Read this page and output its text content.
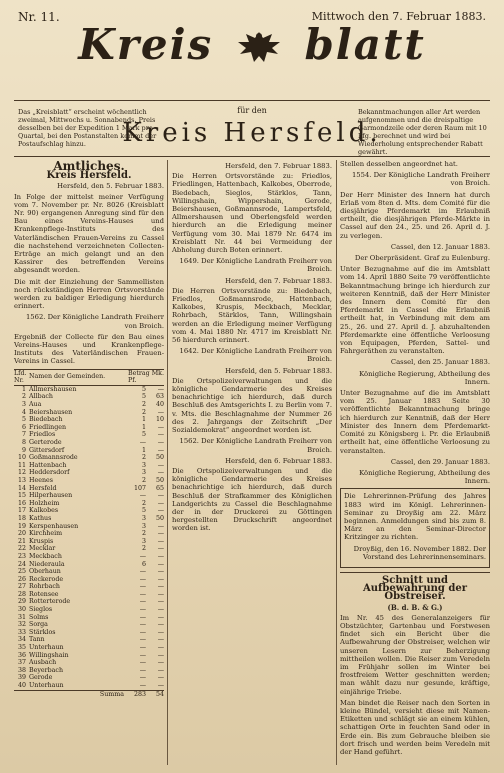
Nr. 11.	Mittwoch den 7. Februar 1883.
Kreis blatt
Das „Kreisblatt“ erscheint wöchentlich zweimal, Mittwochs u. Sonnabends. Preis desselben bei der Expedition 1 Mark pro Quartal, bei den Postanstalten kommt der Postaufschlag hinzu.
für den
Kreis Hersfeld.
Bekanntmachungen aller Art werden aufgenommen und die dreispaltige Garmondzeile oder deren Raum mit 10 Pfg. berechnet und wird bei Wiederholung entsprechender Rabatt gewährt.
Amtliches.
Kreis Hersfeld.
Hersfeld, den 5. Februar 1883.

In Folge der mittelst meiner Verfügung vom 7. November pr. Nr. 8026 (Kreisblatt Nr. 90) ergangenen Anregung sind für den Bau eines Vereins-Hauses und Krankenpflege-Instituts des Vaterländischen Frauen-Vereins zu Cassel die nachstehend verzeichneten Collecten-Erträge an mich gelangt und an den Kassirer des betreffenden Vereins abgesandt worden.

Die mit der Einziehung der Sammellisten noch rückständigen Herren Ortsvorstände werden zu baldiger Erledigung hierdurch erinnert.

1562. Der Königliche Landrath Freiherr von Broich.

Ergebniß der Collecte für den Bau eines Vereins-Hauses und Krankenpflege-Instituts des Vaterländischen Frauen-Vereins in Cassel.

Lfd. Nr.	Namen der Gemeinden.	Betrag Mk. Pf.	
1	Allmershausen	5	—
2	Allbach	5	63
3	Aua	2	40
4	Beiershausen	2	—
5	Biedebach	1	10
6	Friedlingen	1	—
7	Friedlos	5	—
8	Gerterode	—	—
9	Gittersdorf	1	—
10	Goßmannsrode	2	50
11	Hattenbach	3	—
12	Heddersdorf	3	—
13	Heenes	2	50
14	Hersfeld	107	65
15	Hilperhausen	—	—
16	Holzheim	2	—
17	Kalkobes	5	—
18	Kathus	3	50
19	Kerspenhausen	3	—
20	Kirchheim	2	—
21	Kruspis	3	—
22	Mecklar	2	—
23	Meckbach	—	—
24	Niederaula	6	—
25	Oberhaun	—	—
26	Reckerode	—	—
27	Rohrbach	—	—
28	Rotensee	—	—
29	Rotterterode	—	—
30	Sieglos	—	—
31	Solms	—	—
32	Sorga	—	—
33	Stärklos	—	—
34	Tann	—	—
35	Unterhaun	—	—
36	Willingshain	—	—
37	Ausbach	—	—
38	Beyerbach	—	—
39	Gerode	—	—
40	Unterhaun	—	—
	Summa	283	54
Hersfeld, den 7. Februar 1883.

Die Herren Ortsvorstände zu: Friedlos, Friedlingen, Hattenbach, Kalkobes, Oberrode, Biedebach, Sieglos, Stärklos, Tann, Willingshain, Wippershain, Gerode, Beiershausen, Goßmannsrode, Lampertsfeld, Allmershausen und Oberlengsfeld werden hierdurch an die Erledigung meiner Verfügung vom 30. Mai 1879 Nr. 6474 im Kreisblatt Nr. 44 bei Vermeidung der Abholung durch Boten erinnert.

1649. Der Königliche Landrath Freiherr von Broich.

Hersfeld, den 7. Februar 1883.

Die Herren Ortsvorstände zu: Biedebach, Friedlos, Goßmannsrode, Hattenbach, Kalkobes, Kruspis, Meckbach, Mecklar, Rohrbach, Stärklos, Tann, Willingshain werden an die Erledigung meiner Verfügung vom 4. Mai 1880 Nr. 4717 im Kreisblatt Nr. 56 hierdurch erinnert.

1642. Der Königliche Landrath Freiherr von Broich.

Hersfeld, den 5. Februar 1883.

Die Ortspolizeiverwaltungen und die königliche Gendarmerie des Kreises benachrichtige ich hierdurch, daß durch Beschluß des Amtsgerichts I. zu Berlin vom 7. v. Mts. die Beschlagnahme der Nummer 26 des 2. Jahrgangs der Zeitschrift „Der Sozialdemokrat“ angeordnet worden ist.

1562. Der Königliche Landrath Freiherr von Broich.

Hersfeld, den 6. Februar 1883.

Die Ortspolizeiverwaltungen und die königliche Gendarmerie des Kreises benachrichtige ich hierdurch, daß durch Beschluß der Strafkammer des Königlichen Landgerichts zu Cassel die Beschlagnahme der in der Druckerei zu Göttingen hergestellten Druckschrift angeordnet worden ist.

Stellen desselben angeordnet hat.

1554. Der Königliche Landrath Freiherr von Broich.

Der Herr Minister des Innern hat durch Erlaß vom 8ten d. Mts. dem Comité für die diesjährige Pferdemarkt im Erlaubniß ertheilt, die diesjährigen Pferde-Märkte in Cassel auf den 24., 25. und 26. April d. J. zu verlegen.

Cassel, den 12. Januar 1883.

Der Oberpräsident. Graf zu Eulenburg.

Unter Bezugnahme auf die im Amtsblatt vom 14. April 1880 Seite 79 veröffentlichte Bekanntmachung bringe ich hierdurch zur weiteren Kenntniß, daß der Herr Minister des Innern dem Comité für den Pferdemarkt in Cassel die Erlaubniß ertheilt hat, in Verbindung mit dem am 25., 26. und 27. April d. J. abzuhaltenden Pferdemarkte eine öffentliche Verloosung von Equipagen, Pferden, Sattel- und Fahrgeräthen zu veranstalten.

Cassel, den 25. Januar 1883.

Königliche Regierung, Abtheilung des Innern.

Unter Bezugnahme auf die im Amtsblatt vom 25. Januar 1883 Seite 30 veröffentlichte Bekanntmachung bringe ich hierdurch zur Kenntniß, daß der Herr Minister des Innern dem Pferdemarkt-Comité zu Königsberg i. Pr. die Erlaubniß ertheilt hat, eine öffentliche Verloosung zu veranstalten.

Cassel, den 29. Januar 1883.

Königliche Regierung, Abtheilung des Innern.

Die Lehrerinnen-Prüfung des Jahres 1883 wird im Königl. Lehrerinnen-Seminar zu Droyßig am 22. März beginnen. Anmeldungen sind bis zum 8. März an den Seminar-Director Kritzinger zu richten.

Droyßig, den 16. November 1882. Der Vorstand des Lehrerinnenseminars.

Schnitt und Aufbewahrung der Obstreiser.
(B. d. B. & G.)

Im Nr. 45 des Generalanzeigers für Obstzüchter, Gartenbau und Forstwesen findet sich ein Bericht über die Aufbewahrung der Obstreiser, welchen wir unseren Lesern zur Beherzigung mittheilen wollen. Die Reiser zum Veredeln im Frühjahr sollen im Winter bei frostfreiem Wetter geschnitten werden; man wählt dazu nur gesunde, kräftige, einjährige Triebe.

Man bindet die Reiser nach den Sorten in kleine Bündel, versieht diese mit Namen-Etiketten und schlägt sie an einem kühlen, schattigen Orte in feuchten Sand oder in Erde ein. Bis zum Gebrauche bleiben sie dort frisch und werden beim Veredeln mit der Hand geführt.
